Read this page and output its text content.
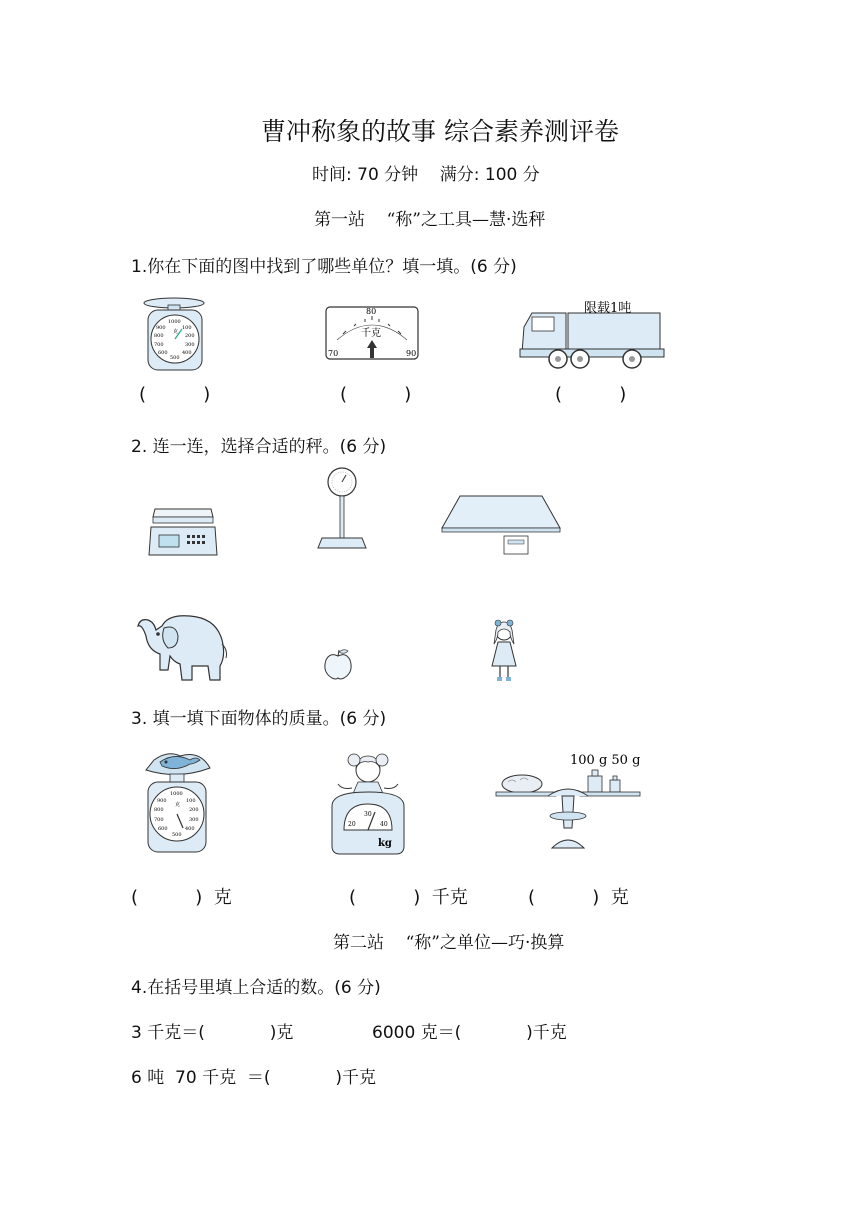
曹冲称象的故事 综合素养测评卷
时间: 70 分钟    满分: 100 分
第一站    “称”之工具—慧·选秤
1.你在下面的图中找到了哪些单位？填一填。(6 分)
克
1000
900	100
800	200
700	300
600	400
500
80
70	90
千克
限载1吨
(          )	(          )	(          )
2. 连一连，选择合适的秤。(6 分)
3. 填一填下面物体的质量。(6 分)
克
1000
900	100
800	200
700	300
600	400
500
20
30
40
kg
100 g 50 g
(          )  克	(          )  千克	(          )  克
第二站    “称”之单位—巧·换算
4.在括号里填上合适的数。(6 分)
3 千克＝(            )克	6000 克＝(            )千克
6 吨  70 千克  ＝(            )千克
